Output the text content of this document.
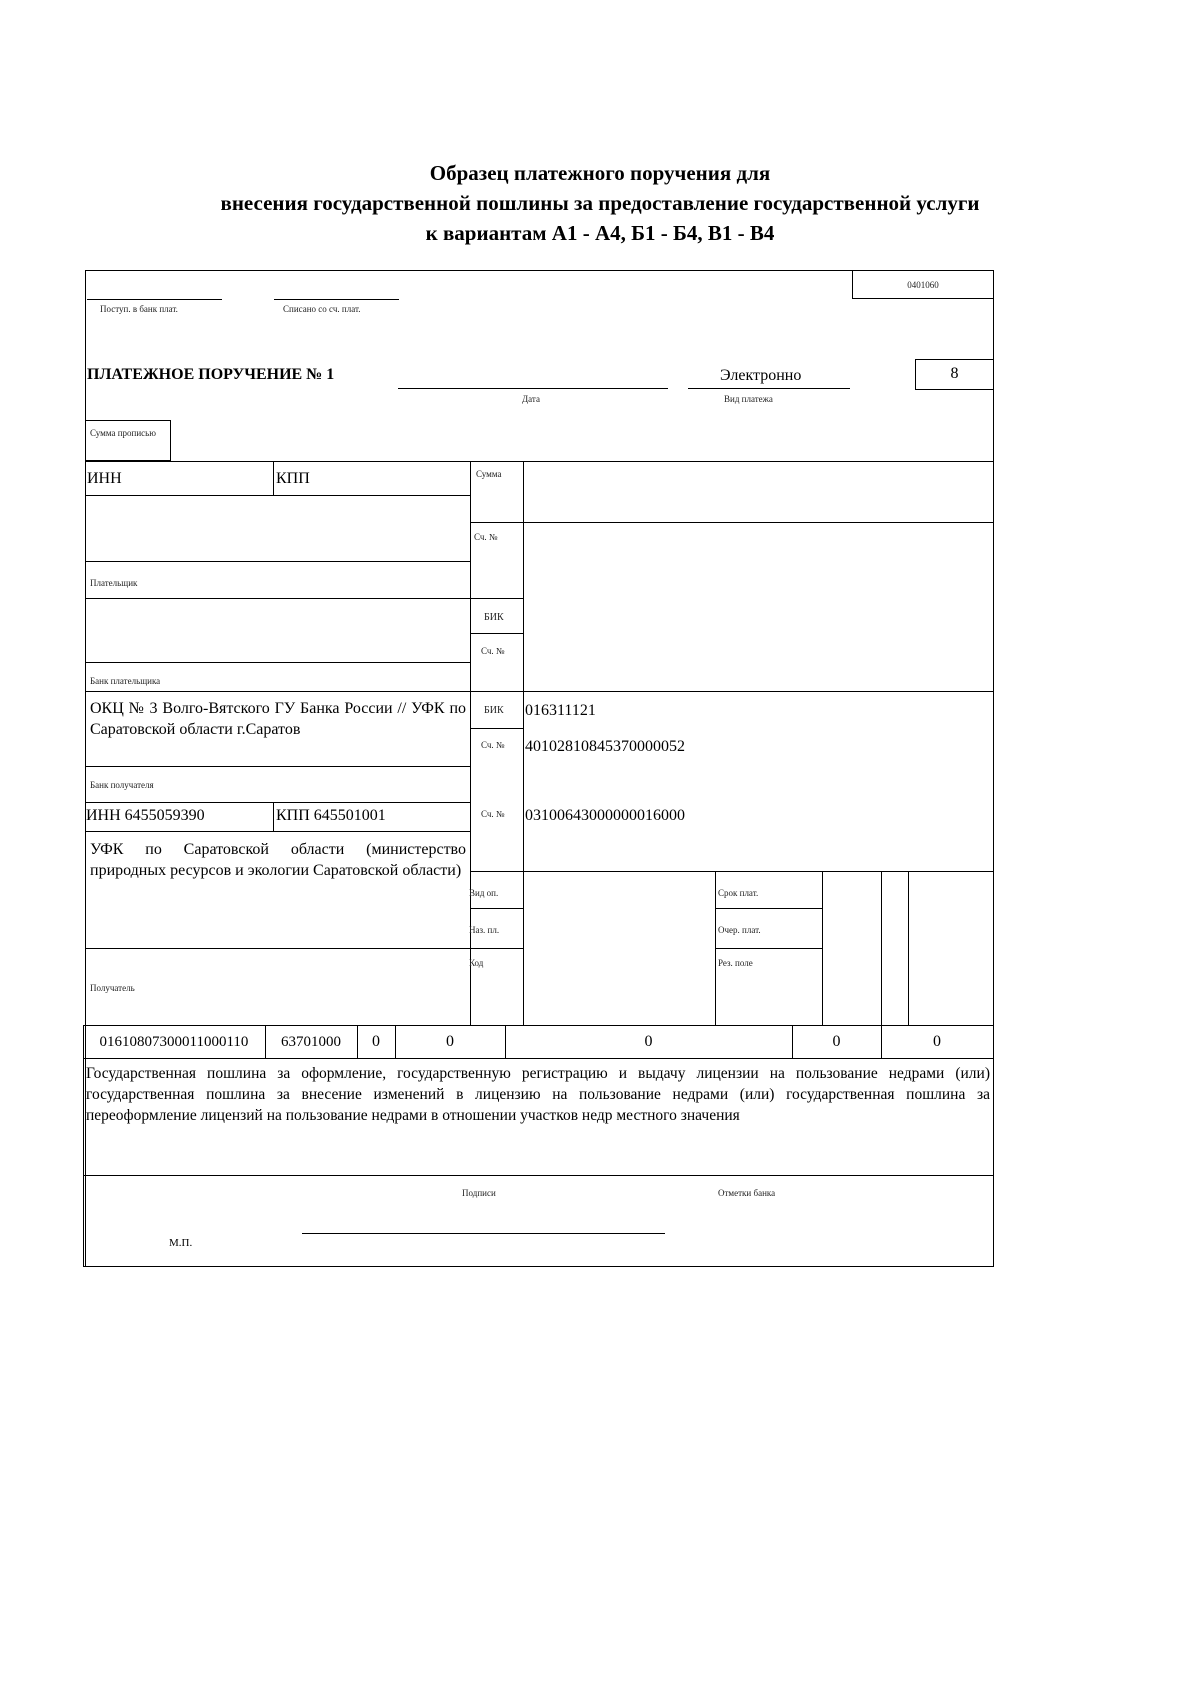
Образец платежного поручения для
внесения государственной пошлины за предоставление государственной услуги
к вариантам А1 - А4, Б1 - Б4, В1 - В4
0401060
Поступ. в банк плат.	Списано со сч. плат.
ПЛАТЕЖНОЕ ПОРУЧЕНИЕ № 1
Дата
Электронно
Вид платежа
8
Сумма прописью
ИНН	КПП	Сумма
Сч. №
Плательщик
БИК
Сч. №
Банк плательщика
ОКЦ № 3 Волго-Вятского ГУ Банка России // УФК по Саратовской области г.Саратов
БИК 016311121
Сч. № 40102810845370000052
Банк получателя
ИНН 6455059390	КПП 645501001	Сч. № 03100643000000016000
УФК по Саратовской области (министерство природных ресурсов и экологии Саратовской области)
Вид оп.	Срок плат.
Наз. пл.	Очер. плат.
Код	Рез. поле
Получатель
01610807300011000110	63701000	0	0	0	0	0
Государственная пошлина за оформление, государственную регистрацию и выдачу лицензии на пользование недрами (или) государственная пошлина за внесение изменений в лицензию на пользование недрами (или) государственная пошлина за переоформление лицензий на пользование недрами в отношении участков недр местного значения
Подписи	Отметки банка
М.П.
